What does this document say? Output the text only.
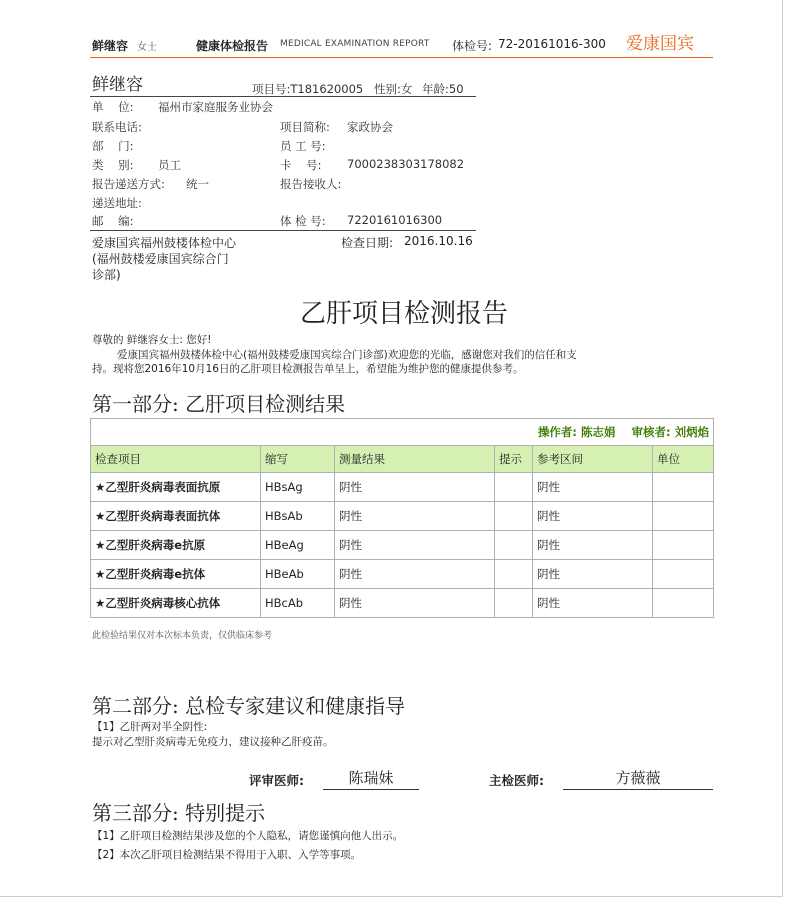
鲜继容 女士	健康体检报告 MEDICAL EXAMINATION REPORT 体检号: 72-20161016-300 爱康国宾
鲜继容	项目号:T181620005 性别:女 年龄:50
单    位: 福州市家庭服务业协会
联系电话:	项目简称: 家政协会
部    门:	员 工 号:
类    别: 员工	卡    号: 7000238303178082
报告递送方式: 统一	报告接收人:
递送地址:
邮    编:	体 检 号: 7220161016300
爱康国宾福州鼓楼体检中心
(福州鼓楼爱康国宾综合门
诊部)
检查日期: 2016.10.16
乙肝项目检测报告
尊敬的 鲜继容女士: 您好!
爱康国宾福州鼓楼体检中心(福州鼓楼爱康国宾综合门诊部)欢迎您的光临，感谢您对我们的信任和支
持。现将您2016年10月16日的乙肝项目检测报告单呈上，希望能为维护您的健康提供参考。
第一部分: 乙肝项目检测结果
操作者: 陈志娟 审核者: 刘炳焰					
检查项目	缩写	测量结果	提示	参考区间	单位
★乙型肝炎病毒表面抗原	HBsAg	阴性		阴性	
★乙型肝炎病毒表面抗体	HBsAb	阴性		阴性	
★乙型肝炎病毒e抗原	HBeAg	阴性		阴性	
★乙型肝炎病毒e抗体	HBeAb	阴性		阴性	
★乙型肝炎病毒核心抗体	HBcAb	阴性		阴性	
此检验结果仅对本次标本负责，仅供临床参考
第二部分: 总检专家建议和健康指导
【1】乙肝两对半全阴性:
提示对乙型肝炎病毒无免疫力，建议接种乙肝疫苗。
评审医师:	陈瑞妹	主检医师:	方薇薇
第三部分: 特别提示
【1】乙肝项目检测结果涉及您的个人隐私，请您谨慎向他人出示。
【2】本次乙肝项目检测结果不得用于入职、入学等事项。
